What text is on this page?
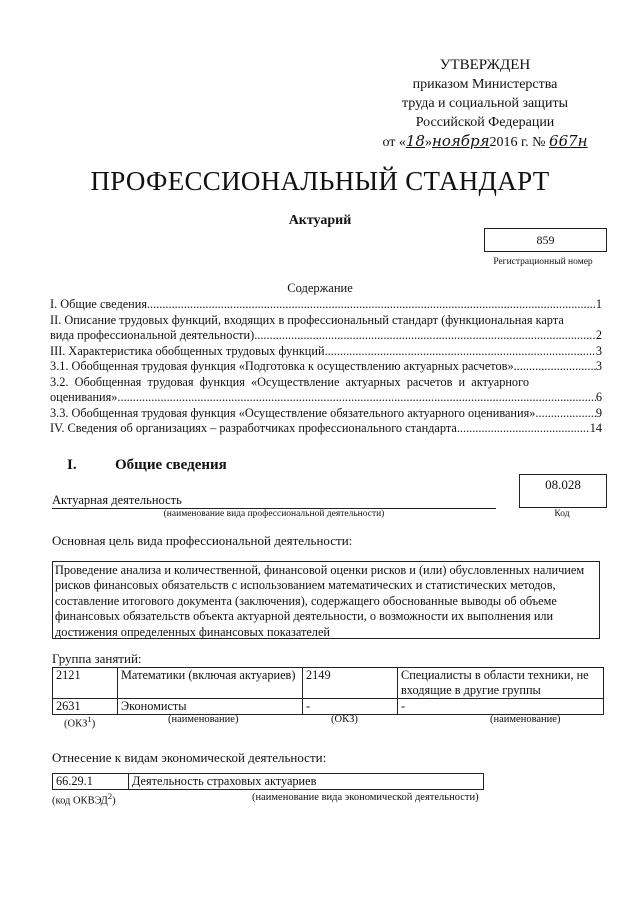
УТВЕРЖДЕН
приказом Министерства
труда и социальной защиты
Российской Федерации
от «18»ноября2016 г. № 667н
ПРОФЕССИОНАЛЬНЫЙ СТАНДАРТ
Актуарий
859
Регистрационный номер
Содержание
I. Общие сведения .....	1
II. Описание трудовых функций, входящих в профессиональный стандарт (функциональная карта
вида профессиональной деятельности) .....	2
III. Характеристика обобщенных трудовых функций .....	3
3.1. Обобщенная трудовая функция «Подготовка к осуществлению актуарных расчетов» .....	3
3.2.  Обобщенная  трудовая  функция  «Осуществление  актуарных  расчетов  и  актуарного
оценивания» .....	6
3.3. Обобщенная трудовая функция «Осуществление обязательного актуарного оценивания» .....	9
IV. Сведения об организациях – разработчиках профессионального стандарта .....	14
I.	Общие сведения
Актуарная деятельность
(наименование вида профессиональной деятельности)
08.028
Код
Основная цель вида профессиональной деятельности:
Проведение анализа и количественной, финансовой оценки рисков и (или) обусловленных наличием рисков финансовых обязательств с использованием математических и статистических методов, составление итогового документа (заключения), содержащего обоснованные выводы об объеме финансовых обязательств объекта актуарной деятельности, о возможности их выполнения или достижения определенных финансовых показателей
Группа занятий:
2121	Математики (включая актуариев)	2149	Специалисты в области техники, не входящие в другие группы
2631	Экономисты	-	-
(ОКЗ$^1$)	(наименование)	(ОКЗ)	(наименование)
Отнесение к видам экономической деятельности:
66.29.1	Деятельность страховых актуариев
(код ОКВЭД$^2$)	(наименование вида экономической деятельности)
